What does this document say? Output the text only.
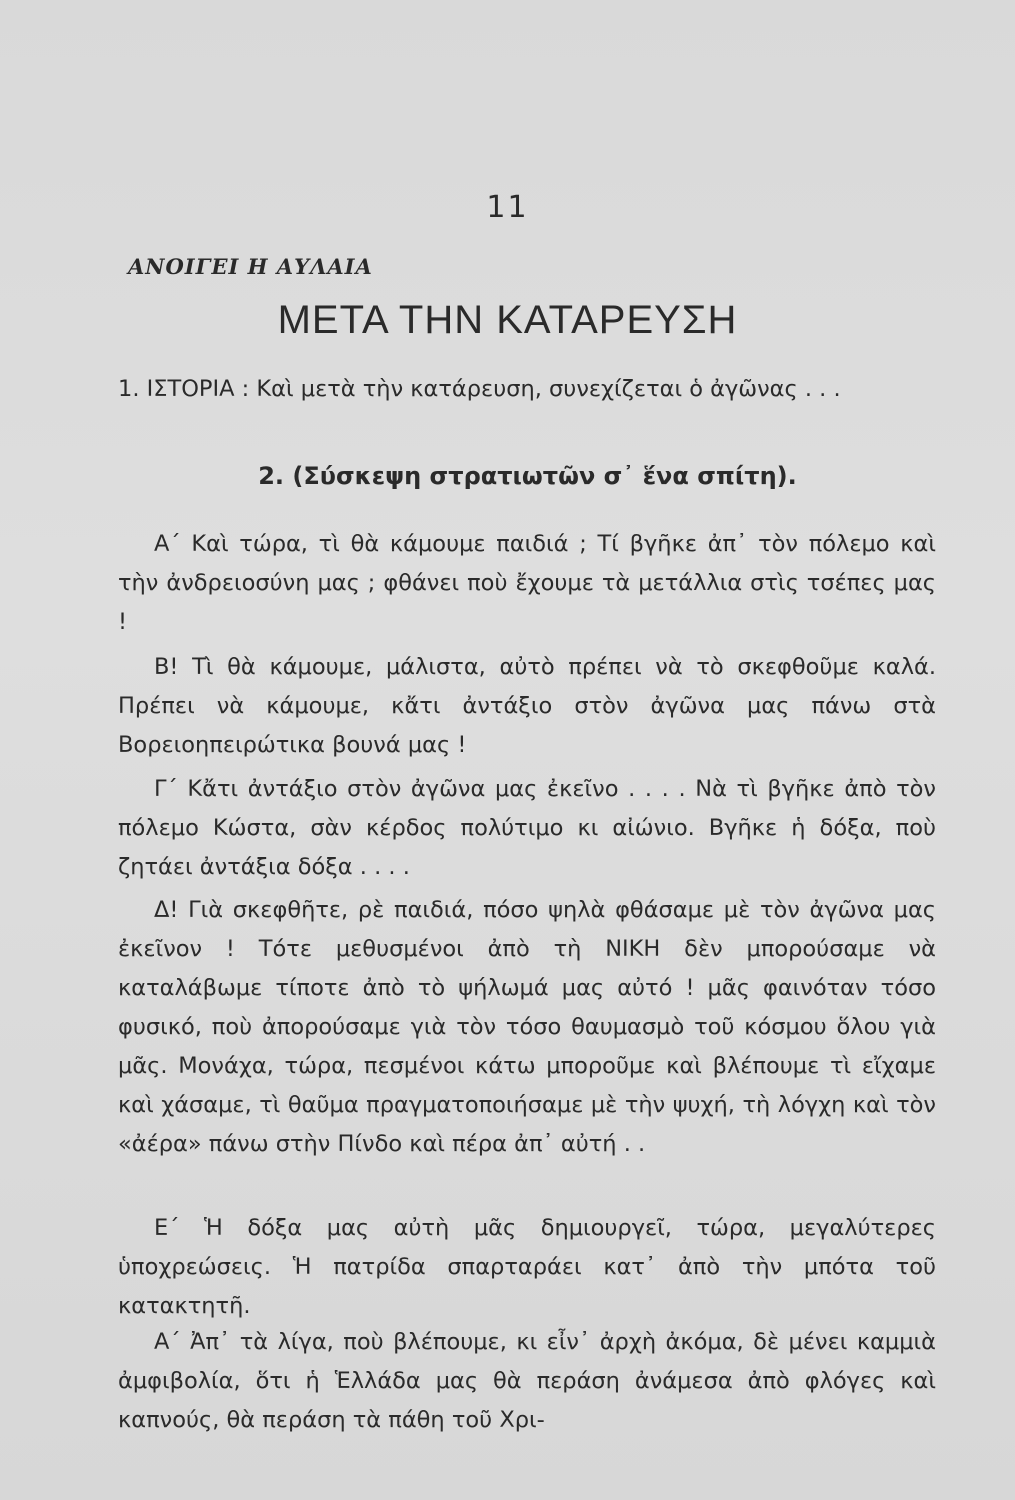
11
ΑΝΟΙΓΕΙ Η ΑΥΛΑΙΑ
ΜΕΤΑ ΤΗΝ ΚΑΤΑΡΕΥΣΗ
1. ΙΣΤΟΡΙΑ : Καὶ μετὰ τὴν κατάρευση, συνεχίζεται ὁ ἀγῶνας . . .
2. (Σύσκεψη στρατιωτῶν σ᾽ ἕνα σπίτη).
Α΄ Καὶ τώρα, τὶ θὰ κάμουμε παιδιά ; Τί βγῆκε ἀπ᾽ τὸν πόλεμο καὶ τὴν ἀνδρειοσύνη μας ; φθάνει ποὺ ἔχουμε τὰ μετάλλια στὶς τσέπες μας !
Β! Τὶ θὰ κάμουμε, μάλιστα, αὐτὸ πρέπει νὰ τὸ σκεφθοῦμε καλά. Πρέπει νὰ κάμουμε, κἄτι ἀντάξιο στὸν ἀγῶνα μας πάνω στὰ Βορειοηπειρώτικα βουνά μας !
Γ΄ Κἄτι ἀντάξιο στὸν ἀγῶνα μας ἐκεῖνο . . . . Νὰ τὶ βγῆκε ἀπὸ τὸν πόλεμο Κώστα, σὰν κέρδος πολύτιμο κι αἰώνιο. Βγῆκε ἡ δόξα, ποὺ ζητάει ἀντάξια δόξα . . . .
Δ! Γιὰ σκεφθῆτε, ρὲ παιδιά, πόσο ψηλὰ φθάσαμε μὲ τὸν ἀγῶνα μας ἐκεῖνον ! Τότε μεθυσμένοι ἀπὸ τὴ ΝΙΚΗ δὲν μπορούσαμε νὰ καταλάβωμε τίποτε ἀπὸ τὸ ψήλωμά μας αὐτό ! μᾶς φαινόταν τόσο φυσικό, ποὺ ἀπορούσαμε γιὰ τὸν τόσο θαυμασμὸ τοῦ κόσμου ὅλου γιὰ μᾶς. Μονάχα, τώρα, πεσμένοι κάτω μποροῦμε καὶ βλέπουμε τὶ εἴχαμε καὶ χάσαμε, τὶ θαῦμα πραγματοποιήσαμε μὲ τὴν ψυχή, τὴ λόγχη καὶ τὸν «ἀέρα» πάνω στὴν Πίνδο καὶ πέρα ἀπ᾽ αὐτή . .
Ε΄ Ἡ δόξα μας αὐτὴ μᾶς δημιουργεῖ, τώρα, μεγαλύτερες ὑποχρεώσεις. Ἡ πατρίδα σπαρταράει κατ᾽ ἀπὸ τὴν μπότα τοῦ κατακτητῆ.
Α΄ Ἀπ᾽ τὰ λίγα, ποὺ βλέπουμε, κι εἶν᾽ ἀρχὴ ἀκόμα, δὲ μένει καμμιὰ ἀμφιβολία, ὅτι ἡ Ἑλλάδα μας θὰ περάση ἀνάμεσα ἀπὸ φλόγες καὶ καπνούς, θὰ περάση τὰ πάθη τοῦ Χρι-
